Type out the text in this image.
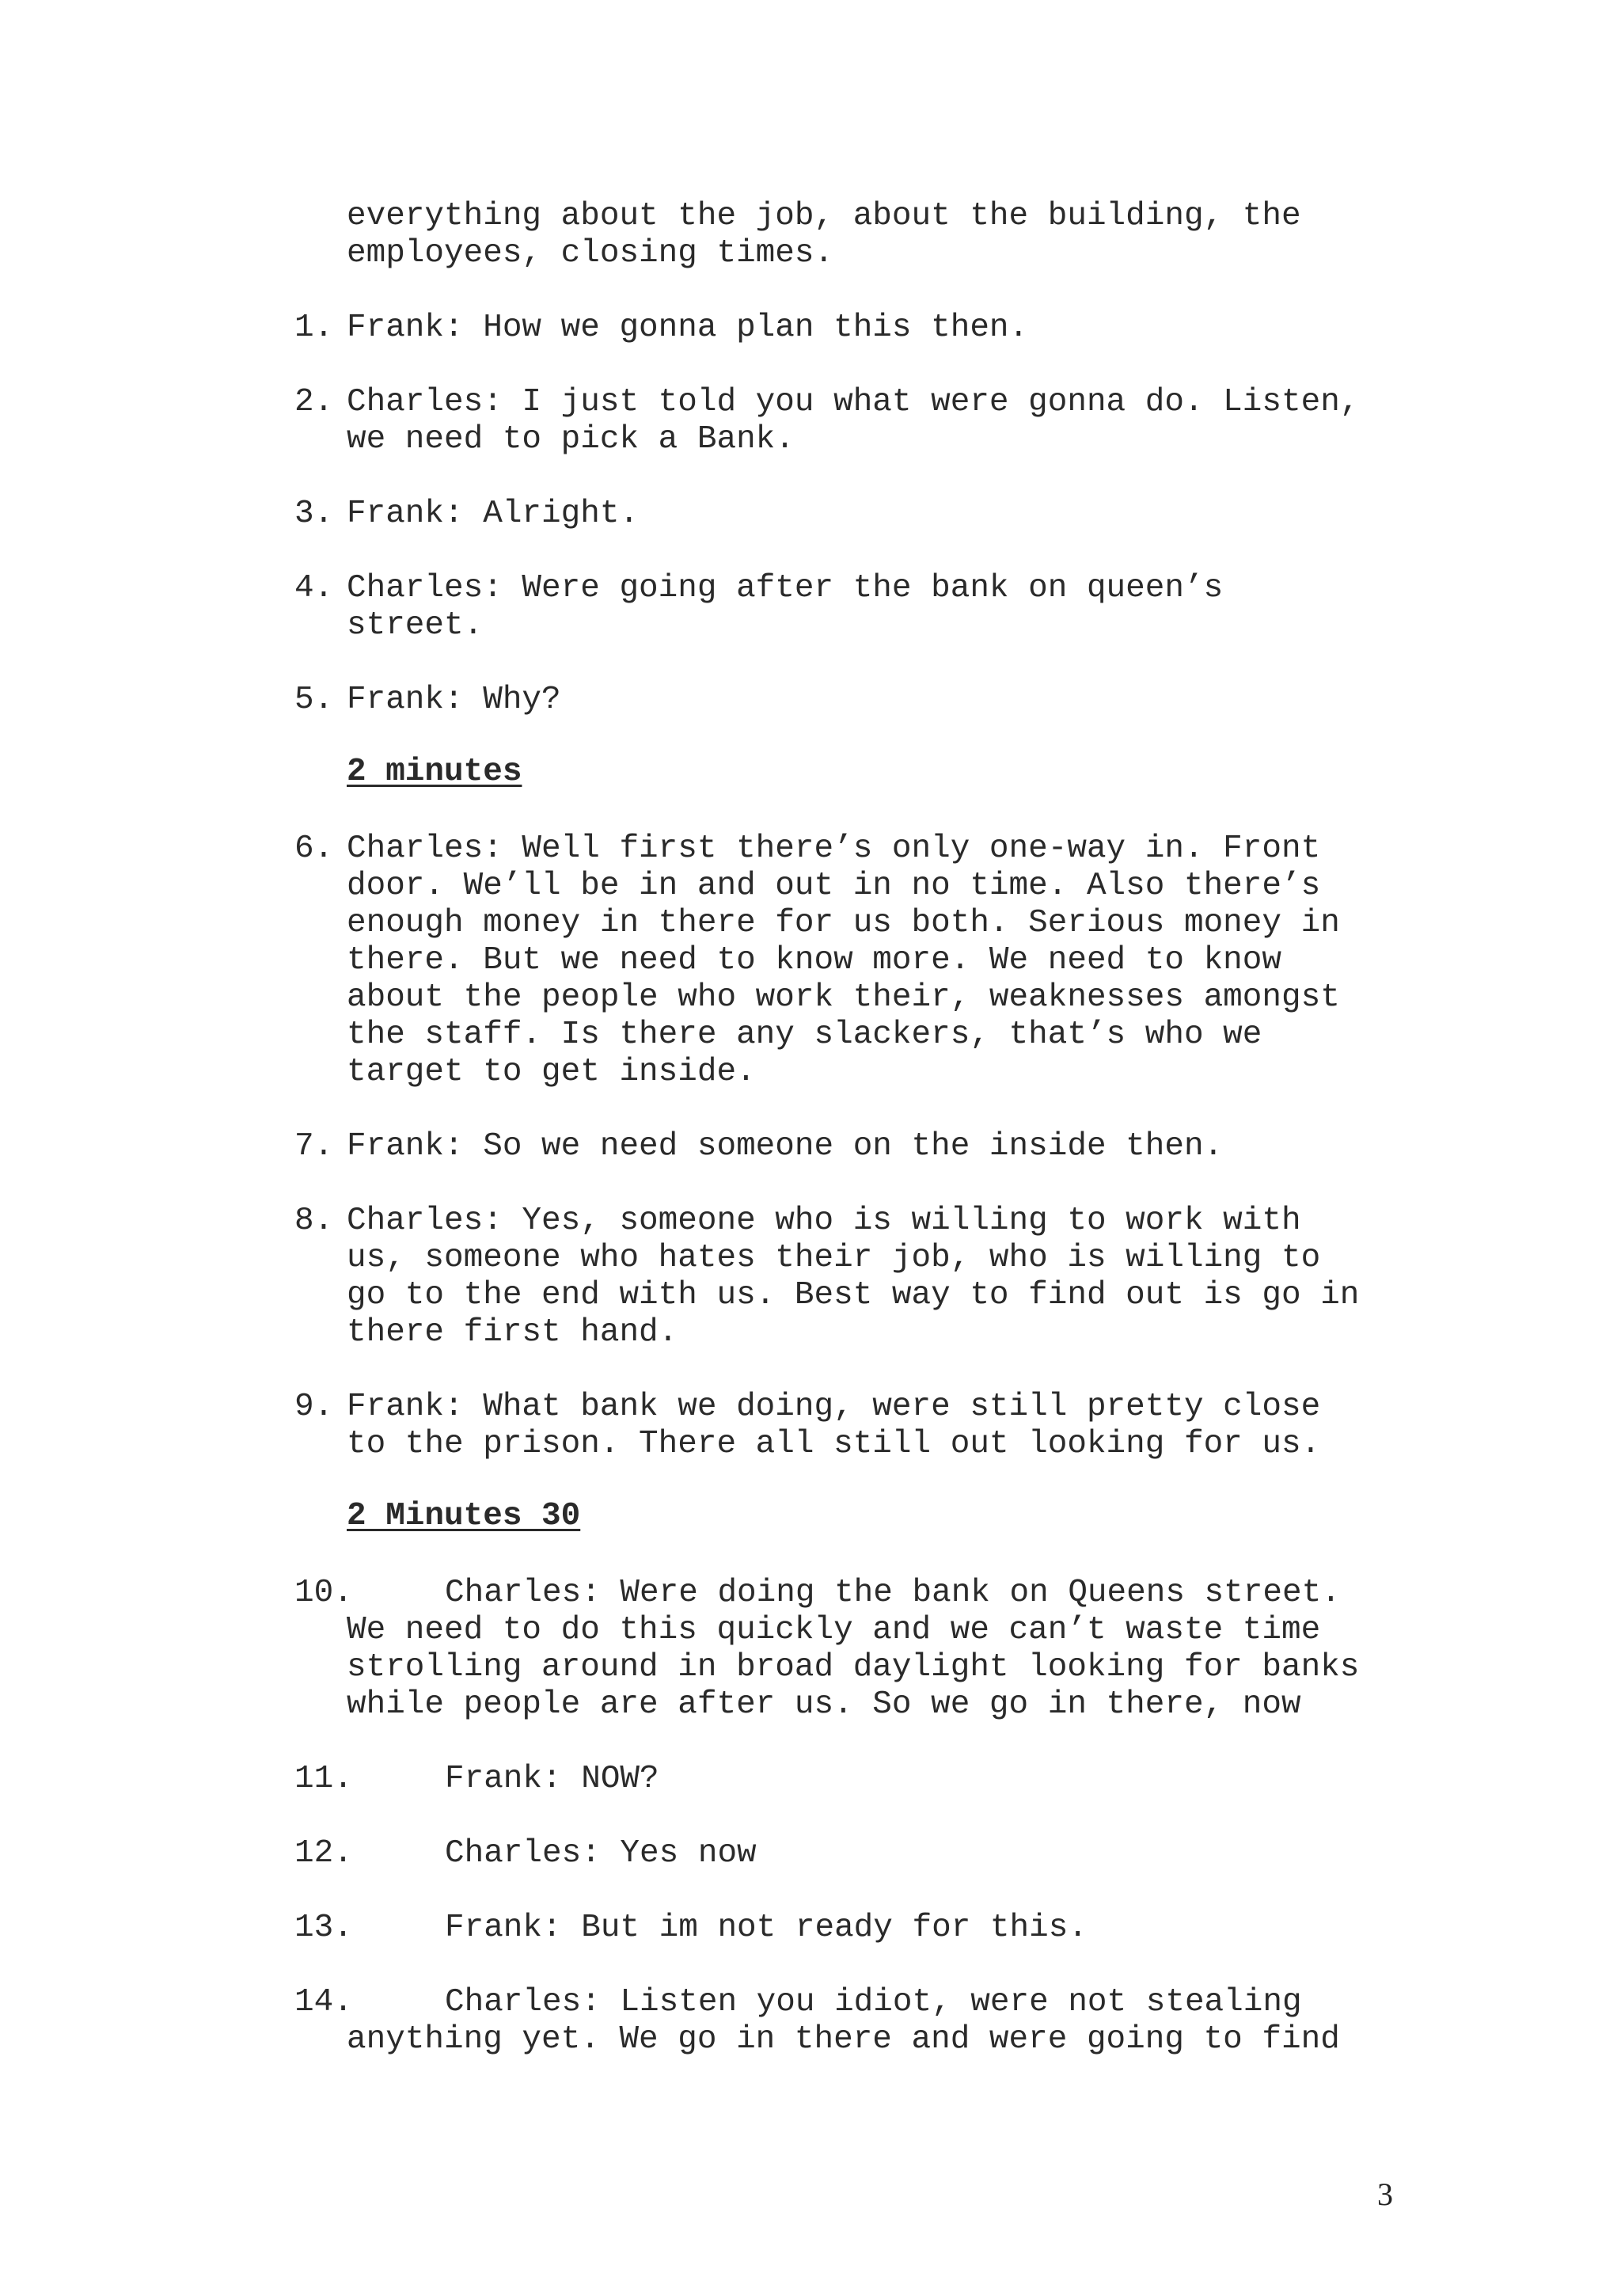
everything about the job, about the building, the
employees, closing times.
1. Frank: How we gonna plan this then.
2. Charles: I just told you what were gonna do. Listen,
we need to pick a Bank.
3. Frank: Alright.
4. Charles: Were going after the bank on queen’s
street.
5. Frank: Why?
2 minutes
6. Charles: Well first there’s only one-way in. Front
door. We’ll be in and out in no time. Also there’s
enough money in there for us both. Serious money in
there. But we need to know more. We need to know
about the people who work their, weaknesses amongst
the staff. Is there any slackers, that’s who we
target to get inside.
7. Frank: So we need someone on the inside then.
8. Charles: Yes, someone who is willing to work with
us, someone who hates their job, who is willing to
go to the end with us. Best way to find out is go in
there first hand.
9. Frank: What bank we doing, were still pretty close
to the prison. There all still out looking for us.
2 Minutes 30
10.	Charles: Were doing the bank on Queens street.
We need to do this quickly and we can’t waste time
strolling around in broad daylight looking for banks
while people are after us. So we go in there, now
11.	Frank: NOW?
12.	Charles: Yes now
13.	Frank: But im not ready for this.
14.	Charles: Listen you idiot, were not stealing
anything yet. We go in there and were going to find
3
